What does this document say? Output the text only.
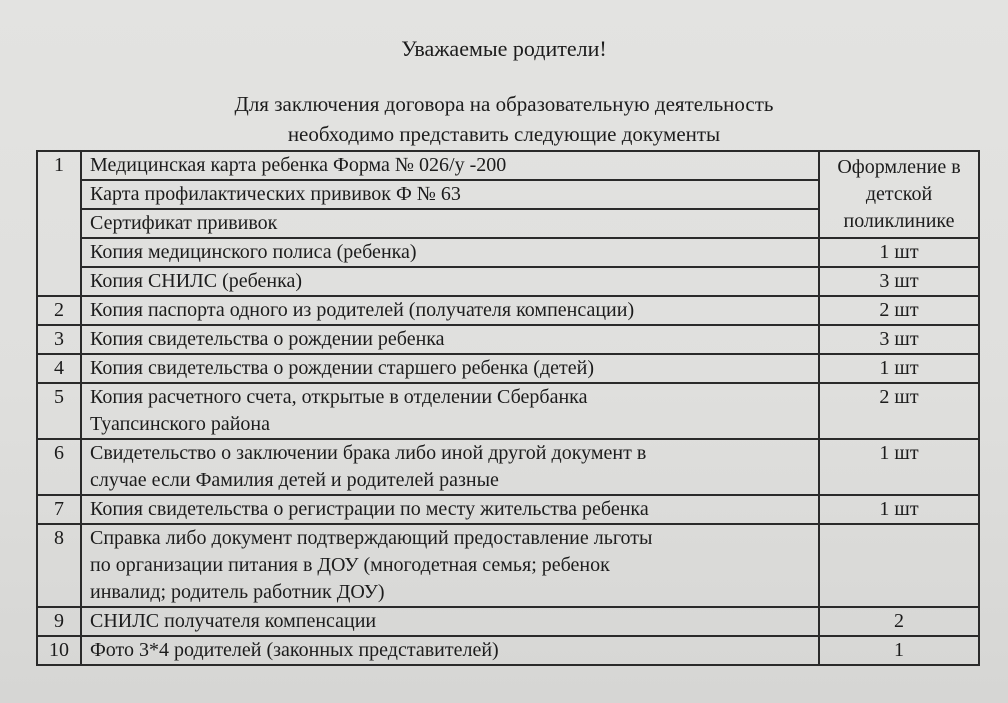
Уважаемые родители!
Для заключения договора на образовательную деятельность
необходимо представить следующие документы
1	Медицинская карта ребенка Форма № 026/у -200	Оформление в детской поликлинике

	Карта профилактических прививок Ф № 63	

	Сертификат прививок	

	Копия медицинского полиса (ребенка)	1 шт

	Копия СНИЛС (ребенка)	3 шт
2	Копия паспорта одного из родителей (получателя компенсации)	2 шт
3	Копия свидетельства о рождении ребенка	3 шт
4	Копия свидетельства о рождении старшего ребенка (детей)	1 шт
5	Копия расчетного счета, открытые в отделении Сбербанка
Туапсинского района	2 шт
6	Свидетельство о заключении брака либо иной другой документ в
случае если Фамилия детей и родителей разные	1 шт
7	Копия свидетельства о регистрации по месту жительства ребенка	1 шт
8	Справка либо документ подтверждающий предоставление льготы
по организации питания в ДОУ (многодетная семья; ребенок
инвалид; родитель работник ДОУ)	

9	СНИЛС получателя компенсации	2
10	Фото 3*4 родителей (законных представителей)	1
